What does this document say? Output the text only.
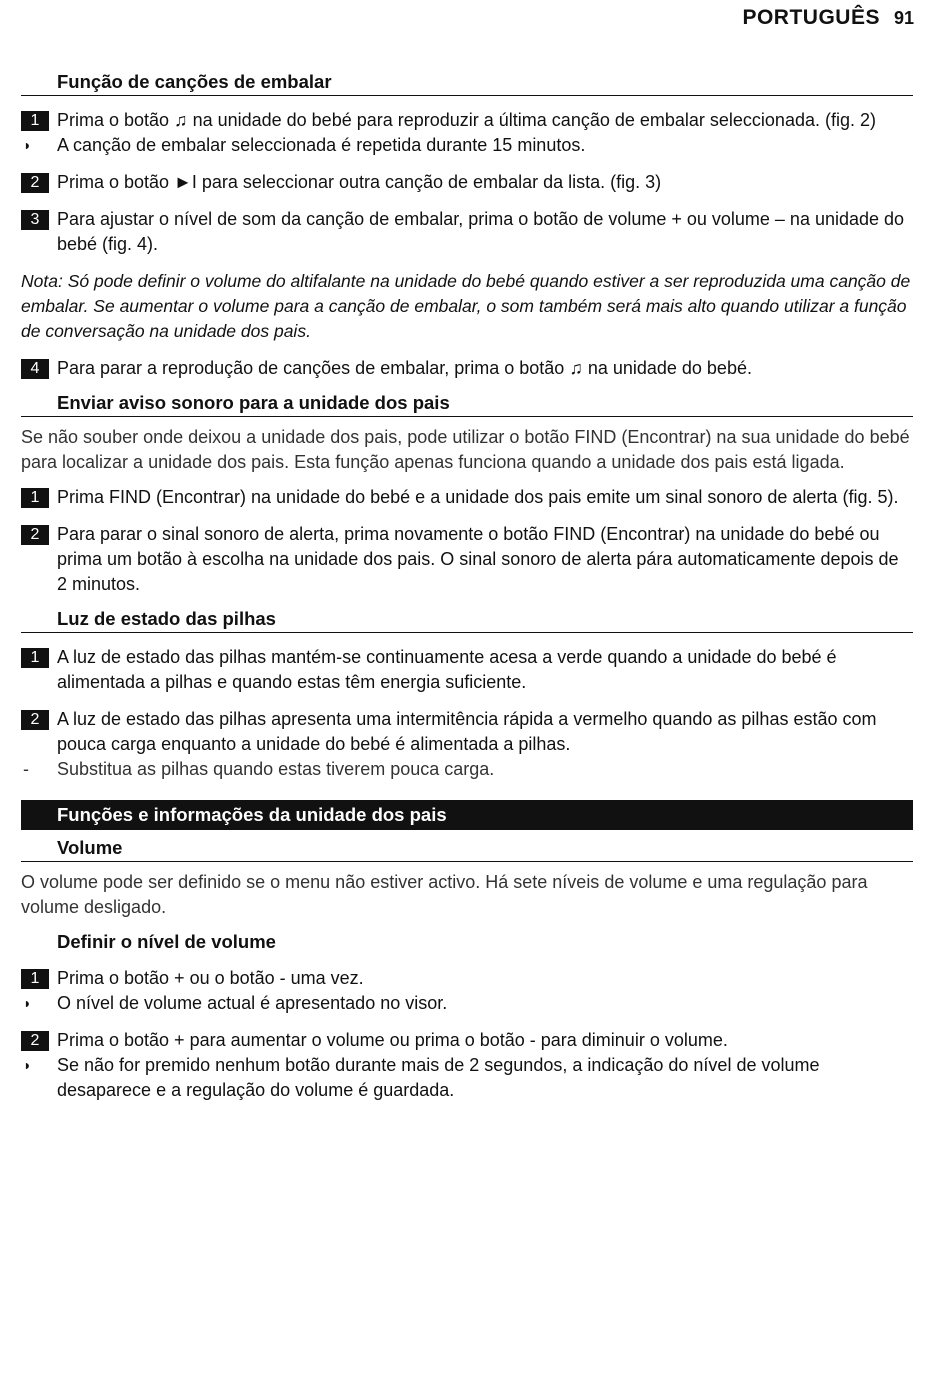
PORTUGUÊS 91
Função de canções de embalar
1 Prima o botão ♫ na unidade do bebé para reproduzir a última canção de embalar seleccionada. (fig. 2)
◗ A canção de embalar seleccionada é repetida durante 15 minutos.
2 Prima o botão ►I para seleccionar outra canção de embalar da lista. (fig. 3)
3 Para ajustar o nível de som da canção de embalar, prima o botão de volume + ou volume – na unidade do bebé (fig. 4).
Nota: Só pode definir o volume do altifalante na unidade do bebé quando estiver a ser reproduzida uma canção de embalar. Se aumentar o volume para a canção de embalar, o som também será mais alto quando utilizar a função de conversação na unidade dos pais.
4 Para parar a reprodução de canções de embalar, prima o botão ♫ na unidade do bebé.
Enviar aviso sonoro para a unidade dos pais
Se não souber onde deixou a unidade dos pais, pode utilizar o botão FIND (Encontrar) na sua unidade do bebé para localizar a unidade dos pais. Esta função apenas funciona quando a unidade dos pais está ligada.
1 Prima FIND (Encontrar) na unidade do bebé e a unidade dos pais emite um sinal sonoro de alerta (fig. 5).
2 Para parar o sinal sonoro de alerta, prima novamente o botão FIND (Encontrar) na unidade do bebé ou prima um botão à escolha na unidade dos pais. O sinal sonoro de alerta pára automaticamente depois de 2 minutos.
Luz de estado das pilhas
1 A luz de estado das pilhas mantém-se continuamente acesa a verde quando a unidade do bebé é alimentada a pilhas e quando estas têm energia suficiente.
2 A luz de estado das pilhas apresenta uma intermitência rápida a vermelho quando as pilhas estão com pouca carga enquanto a unidade do bebé é alimentada a pilhas.
- Substitua as pilhas quando estas tiverem pouca carga.
Funções e informações da unidade dos pais
Volume
O volume pode ser definido se o menu não estiver activo. Há sete níveis de volume e uma regulação para volume desligado.
Definir o nível de volume
1 Prima o botão + ou o botão - uma vez.
◗ O nível de volume actual é apresentado no visor.
2 Prima o botão + para aumentar o volume ou prima o botão - para diminuir o volume.
◗ Se não for premido nenhum botão durante mais de 2 segundos, a indicação do nível de volume desaparece e a regulação do volume é guardada.
